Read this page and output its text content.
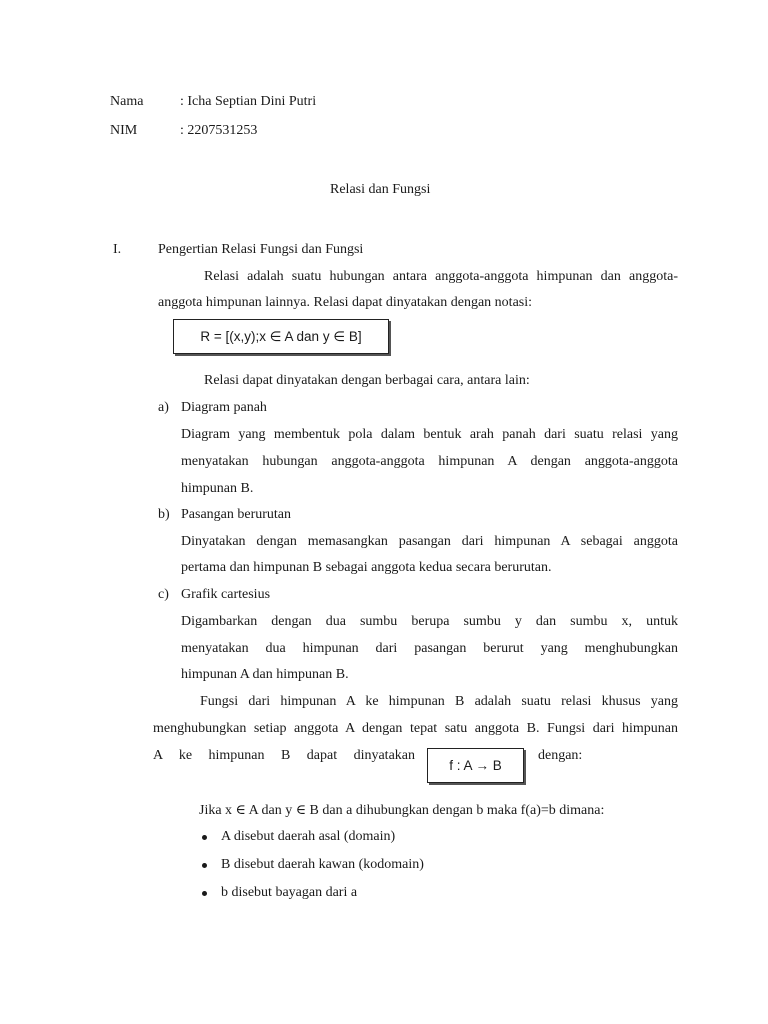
Nama	: Icha Septian Dini Putri
NIM	: 2207531253
Relasi dan Fungsi
I.	Pengertian Relasi Fungsi dan Fungsi
Relasi adalah suatu hubungan antara anggota-anggota himpunan dan anggota-
anggota himpunan lainnya. Relasi dapat dinyatakan dengan notasi:
R = [(x,y);x ∈ A dan y ∈ B]
Relasi dapat dinyatakan dengan berbagai cara, antara lain:
a) Diagram panah
Diagram yang membentuk pola dalam bentuk arah panah dari suatu relasi yang
menyatakan hubungan anggota-anggota himpunan A dengan anggota-anggota
himpunan B.
b) Pasangan berurutan
Dinyatakan dengan memasangkan pasangan dari himpunan A sebagai anggota
pertama dan himpunan B sebagai anggota kedua secara berurutan.
c) Grafik cartesius
Digambarkan dengan dua sumbu berupa sumbu y dan sumbu x, untuk
menyatakan dua himpunan dari pasangan berurut yang menghubungkan
himpunan A dan himpunan B.
Fungsi dari himpunan A ke himpunan B adalah suatu relasi khusus yang
menghubungkan setiap anggota A dengan tepat satu anggota B. Fungsi dari himpunan
A ke himpunan B dapat dinyatakan
f : A → B
dengan:
Jika x ∈ A dan y ∈ B dan a dihubungkan dengan b maka f(a)=b dimana:
A disebut daerah asal (domain)
B disebut daerah kawan (kodomain)
b disebut bayagan dari a
